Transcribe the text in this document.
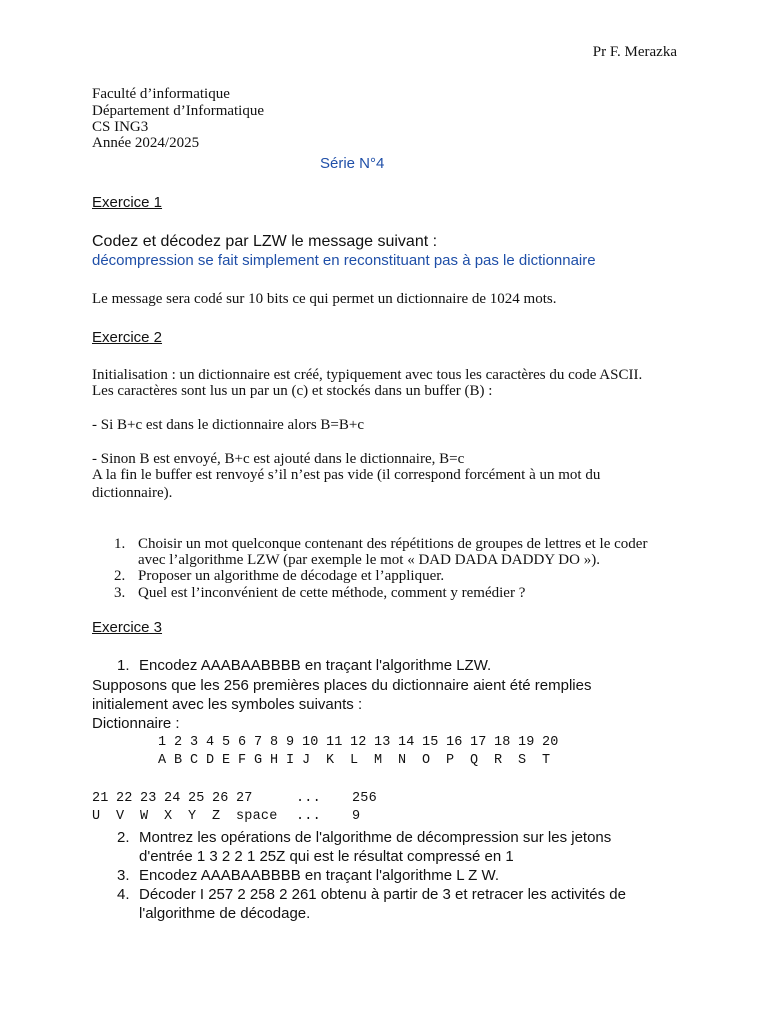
Pr F. Merazka
Faculté d’informatique
Département d’Informatique
CS ING3
Année 2024/2025
Série N°4
Exercice 1
Codez et décodez par LZW le message suivant :
décompression se fait simplement en reconstituant pas à pas le dictionnaire
Le message sera codé sur 10 bits ce qui permet un dictionnaire de 1024 mots.
Exercice 2
Initialisation : un dictionnaire est créé, typiquement avec tous les caractères du code ASCII.
Les caractères sont lus un par un (c) et stockés dans un buffer (B) :
- Si B+c est dans le dictionnaire alors B=B+c
- Sinon B est envoyé, B+c est ajouté dans le dictionnaire, B=c
A la fin le buffer est renvoyé s’il n’est pas vide (il correspond forcément à un mot du
dictionnaire).
1. Choisir un mot quelconque contenant des répétitions de groupes de lettres et le coder
avec l’algorithme LZW (par exemple le mot « DAD DADA DADDY DO »).
2. Proposer un algorithme de décodage et l’appliquer.
3. Quel est l’inconvénient de cette méthode, comment y remédier ?
Exercice 3
1. Encodez AAABAABBBB en traçant l'algorithme LZW.
Supposons que les 256 premières places du dictionnaire aient été remplies
initialement avec les symboles suivants :
Dictionnaire :
1	2	3	4	5	6	7	8	9	10	11	12	13	14	15	16	17	18	19	20
A	B	C	D	E	F	G	H	I	J	K	L	M	N	O	P	Q	R	S	T
21	22	23	24	25	26	27	...	256
U	V	W	X	Y	Z	space	...	9
2. Montrez les opérations de l'algorithme de décompression sur les jetons
d'entrée 1 3 2 2 1 25Z qui est le résultat compressé en 1
3. Encodez AAABAABBBB en traçant l'algorithme L Z W.
4. Décoder I 257 2 258 2 261 obtenu à partir de 3 et retracer les activités de
l'algorithme de décodage.
